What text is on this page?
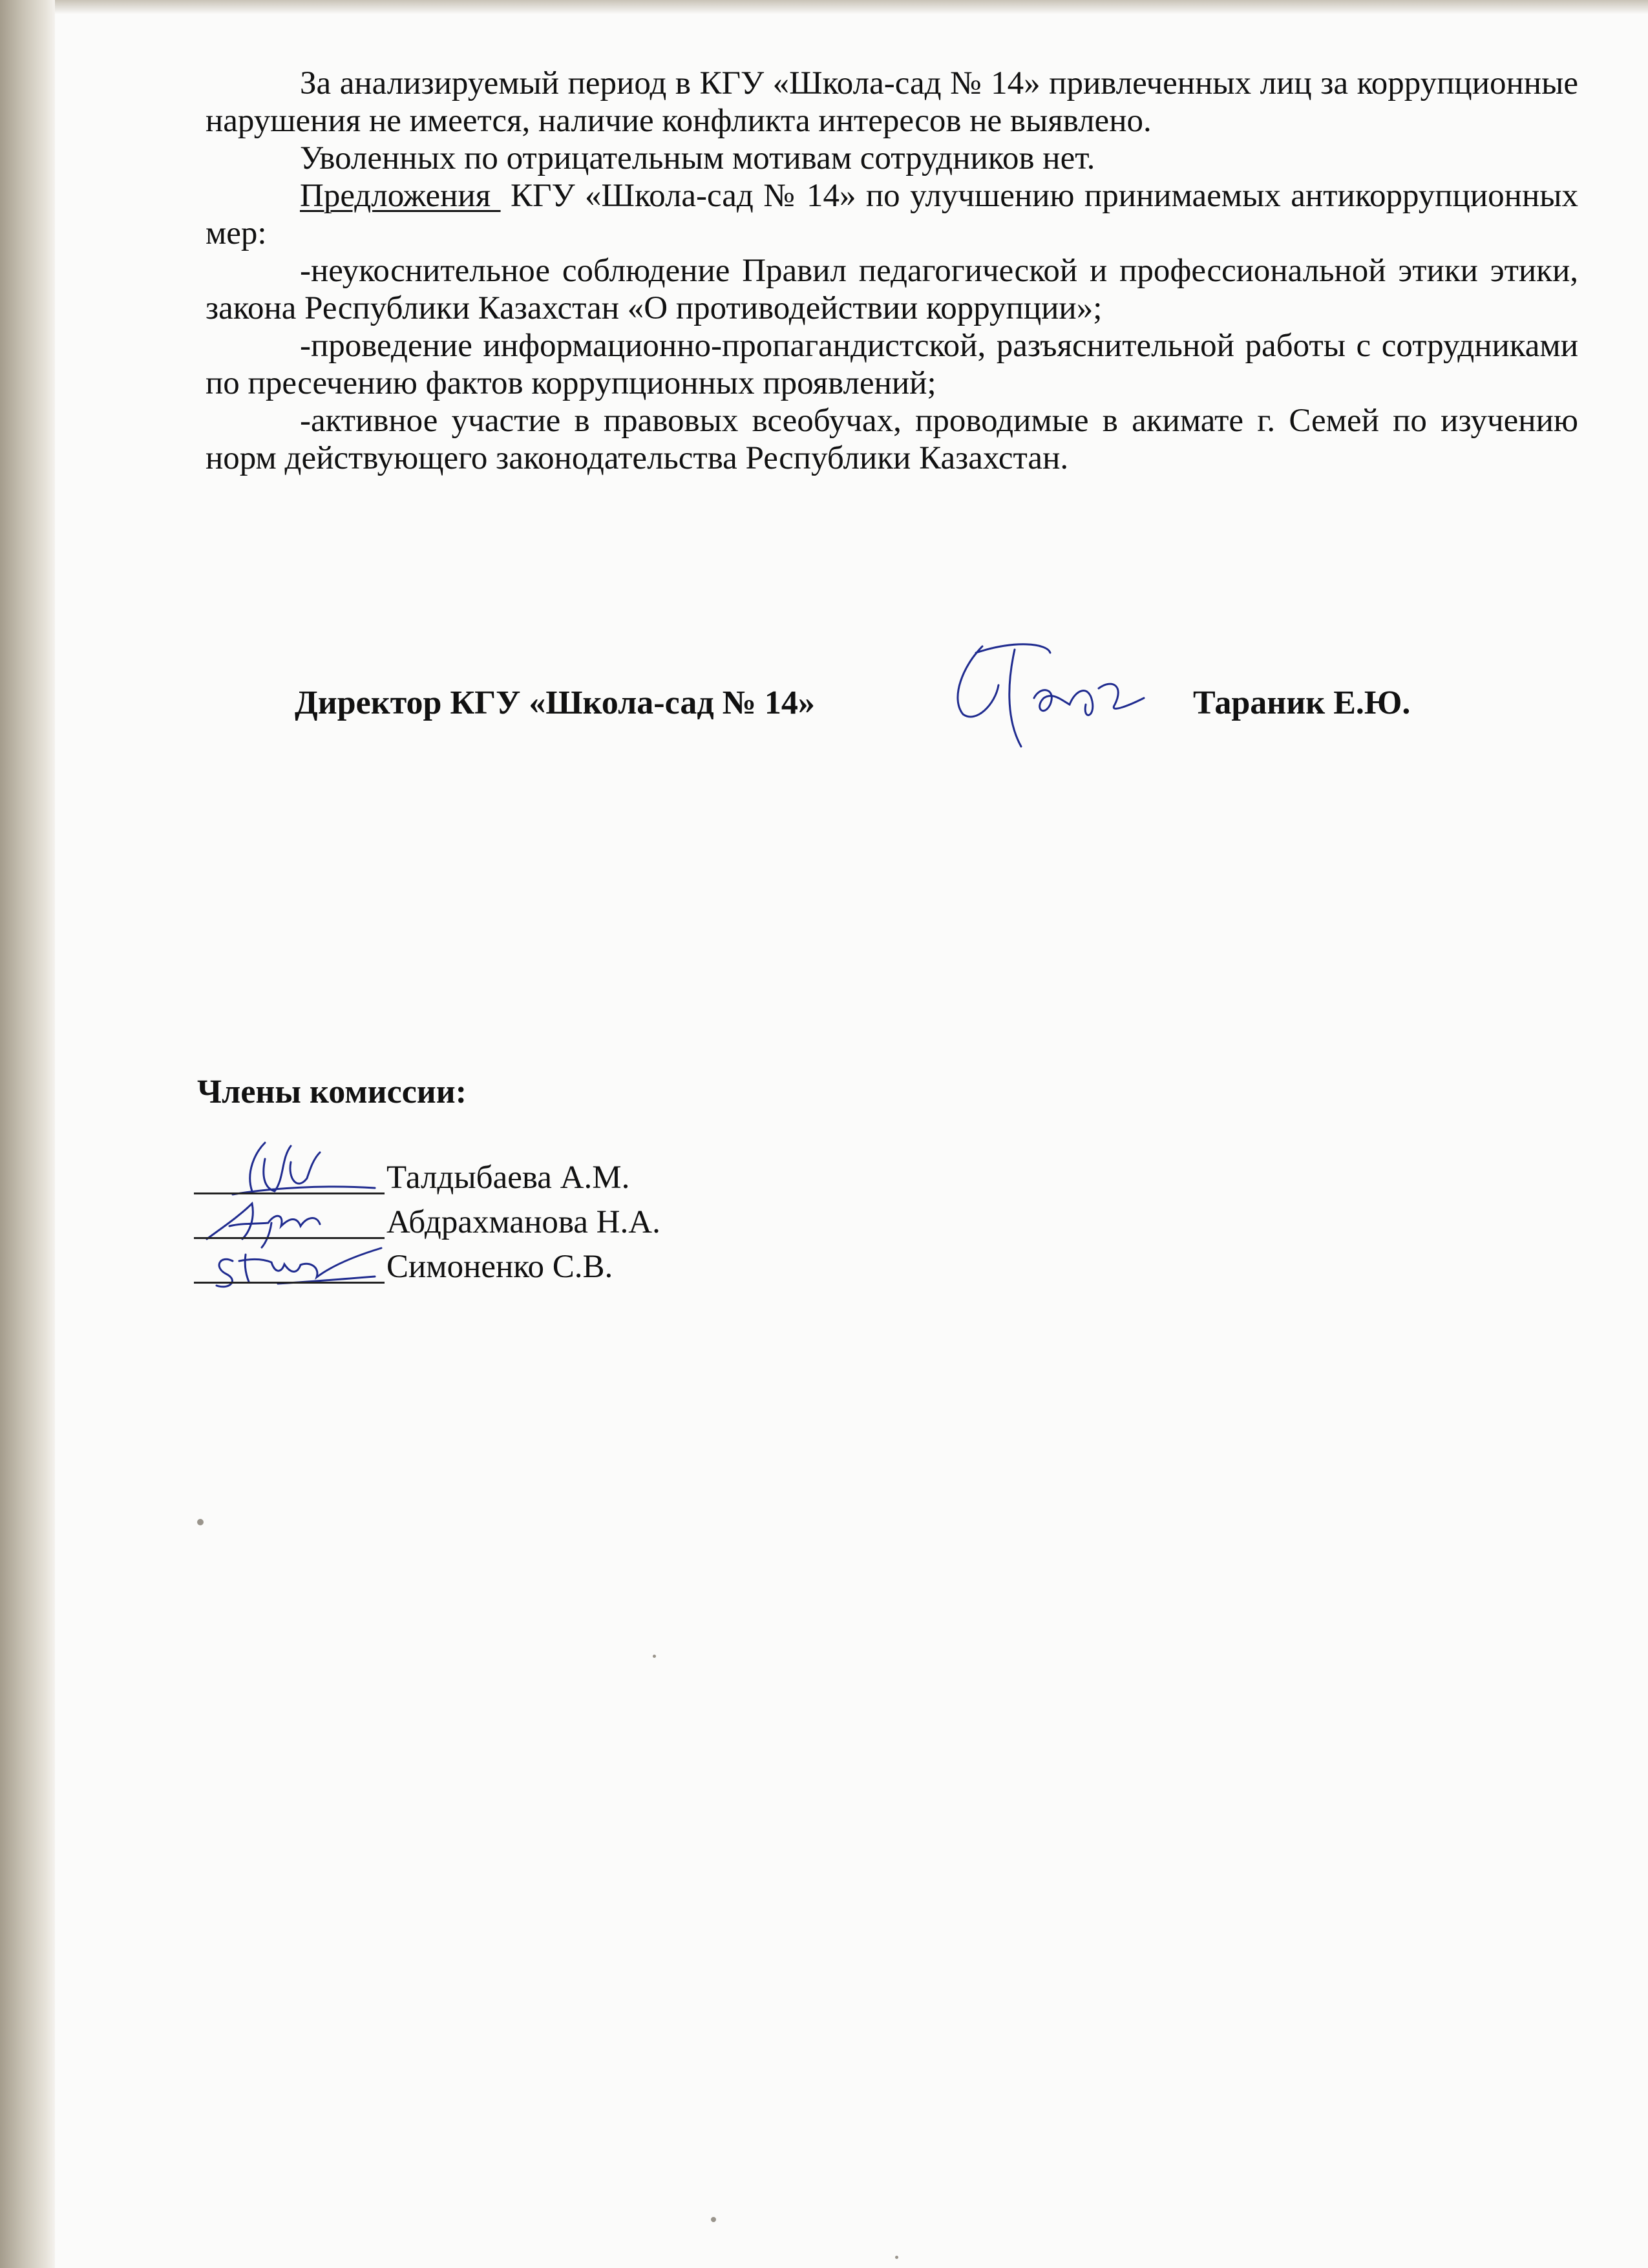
За анализируемый период в КГУ «Школа-сад № 14» привлеченных лиц за коррупционные нарушения не имеется, наличие конфликта интересов не выявлено.

Уволенных по отрицательным мотивам сотрудников нет.

Предложения  КГУ «Школа-сад № 14» по улучшению принимаемых антикоррупционных мер:

-неукоснительное соблюдение Правил педагогической и профессиональной этики этики, закона Республики Казахстан «О противодействии коррупции»;

-проведение информационно-пропагандистской, разъяснительной работы с сотрудниками по пресечению фактов коррупционных проявлений;

-активное участие в правовых всеобучах, проводимые в акимате г. Семей по изучению норм действующего законодательства Республики Казахстан.

Директор КГУ «Школа-сад № 14»	Тараник Е.Ю.
Члены комиссии:
Талдыбаева А.М.
Абдрахманова Н.А.
Симоненко С.В.
